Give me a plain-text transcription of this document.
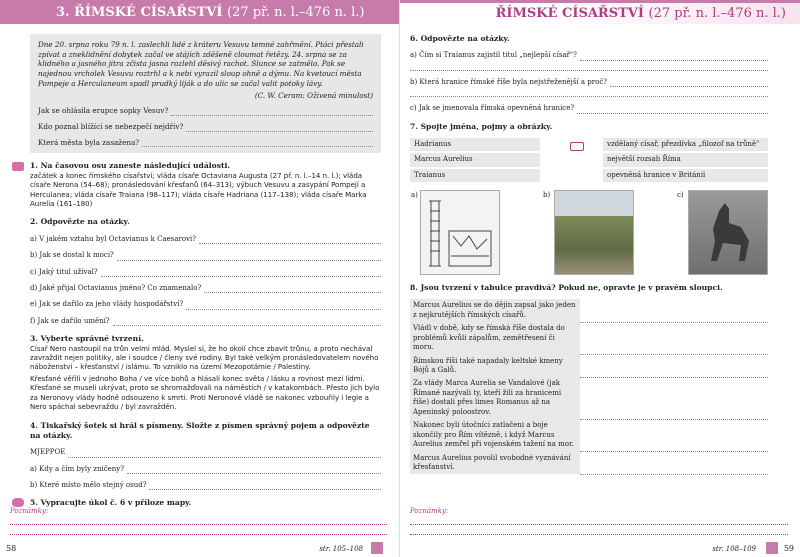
3. ŘÍMSKÉ CÍSAŘSTVÍ
(27 př. n. l.–476 n. l.)
Dne 20. srpna roku 79 n. l. zaslechli lidé z kráteru Vesuvu temné zahřmění. Ptáci přestali zpívat a zneklidnění dobytek začal ve stájích zděšeně cloumat řetězy. 24. srpna se za klidného a jasného jitra zčista jasna rozlehl děsivý rachot. Slunce se zatmělo. Pak se najednou vrcholek Vesuvu roztrhl a k nebi vyrazil sloup ohně a dýmu. Na kvetoucí města Pompeje a Herculaneum spadl prudký liják a do ulic se začal valit potoky lávy.
(C. W. Ceram: Oživená minulost)
Jak se ohlásila erupce sopky Vesuv?
Kdo poznal blížící se nebezpečí nejdřív?
Která města byla zasažena?
1. Na časovou osu zaneste následující události.

začátek a konec římského císařství; vláda císaře Octaviana Augusta (27 př. n. l.–14 n. l.); vláda císaře Nerona (54–68); pronásledování křesťanů (64–313); výbuch Vesuvu a zasypání Pompejí a Herculanea; vláda císaře Traiana (98–117); vláda císaře Hadriana (117–138); vláda císaře Marka Aurelia (161–180)

2. Odpovězte na otázky.
a) V jakém vztahu byl Octavianus k Caesarovi?
b) Jak se dostal k moci?
c) Jaký titul užíval?
d) Jaké přijal Octavianus jméno? Co znamenalo?
e) Jak se dařilo za jeho vlády hospodářství?
f) Jak se dařilo umění?
3. Vyberte správné tvrzení.

Císař Nero nastoupil na trůn velmi mlád. Myslel si, že ho okolí chce zbavit trůnu, a proto nechával zavraždit nejen politiky, ale i soudce / členy své rodiny. Byl také velkým pronásledovatelem nového náboženství – křesťanství / islámu. To vzniklo na území Mezopotámie / Palestiny.

Křesťané věřili v jednoho Boha / ve více bohů a hlásali konec světa / lásku a rovnost mezi lidmi. Křesťané se museli ukrývat, proto se shromažďovali na náměstích / v katakombách. Přesto jich bylo za Neronovy vlády hodně odsouzeno k smrti. Proti Neronově vládě se nakonec vzbouřily i legie a Nero spáchal sebevraždu / byl zavražděn.

4. Tiskařský šotek si hrál s písmeny. Složte z písmen správný pojem a odpovězte na otázky.
MJEPPOE
a) Kdy a čím byly zničeny?
b) Které místo mělo stejný osud?
5. Vypracujte úkol č. 6 v příloze mapy.
Poznámky:
58	str. 105–108
ŘÍMSKÉ CÍSAŘSTVÍ
(27 př. n. l.–476 n. l.)
6. Odpovězte na otázky.
a) Čím si Traianus zajistil titul „nejlepší císař"?
b) Která hranice římské říše byla nejstřeženější a proč?
c) Jak se jmenovala římská opevněná hranice?
7. Spojte jména, pojmy a obrázky.
Hadrianus
Marcus Aurelius
Traianus
vzdělaný císař, přezdívka „filozof na trůně"
největší rozsah Říma
opevněná hranice v Británii
a)	b)	c)
8. Jsou tvrzení v tabulce pravdivá? Pokud ne, opravte je v pravém sloupci.
Marcus Aurelius se do dějin zapsal jako jeden z nejkrutějších římských císařů.	
Vládl v době, kdy se římská říše dostala do problémů kvůli zápalům, zemětřesení či moru.	
Římskou říši také napadaly keltské kmeny Bójů a Galů.	
Za vlády Marca Aurelia se Vandalové (jak Římané nazývali ty, kteří žili za hranicemi říše) dostali přes limes Romanus až na Apeninský poloostrov.	
Nakonec byli útočníci zatlačeni a boje skončily pro Řím vítězně, i když Marcus Aurelius zemřel při vojenském tažení na mor.	
Marcus Aurelius povolil svobodné vyznávání křesťanství.	
Poznámky:
str. 108–109	59
